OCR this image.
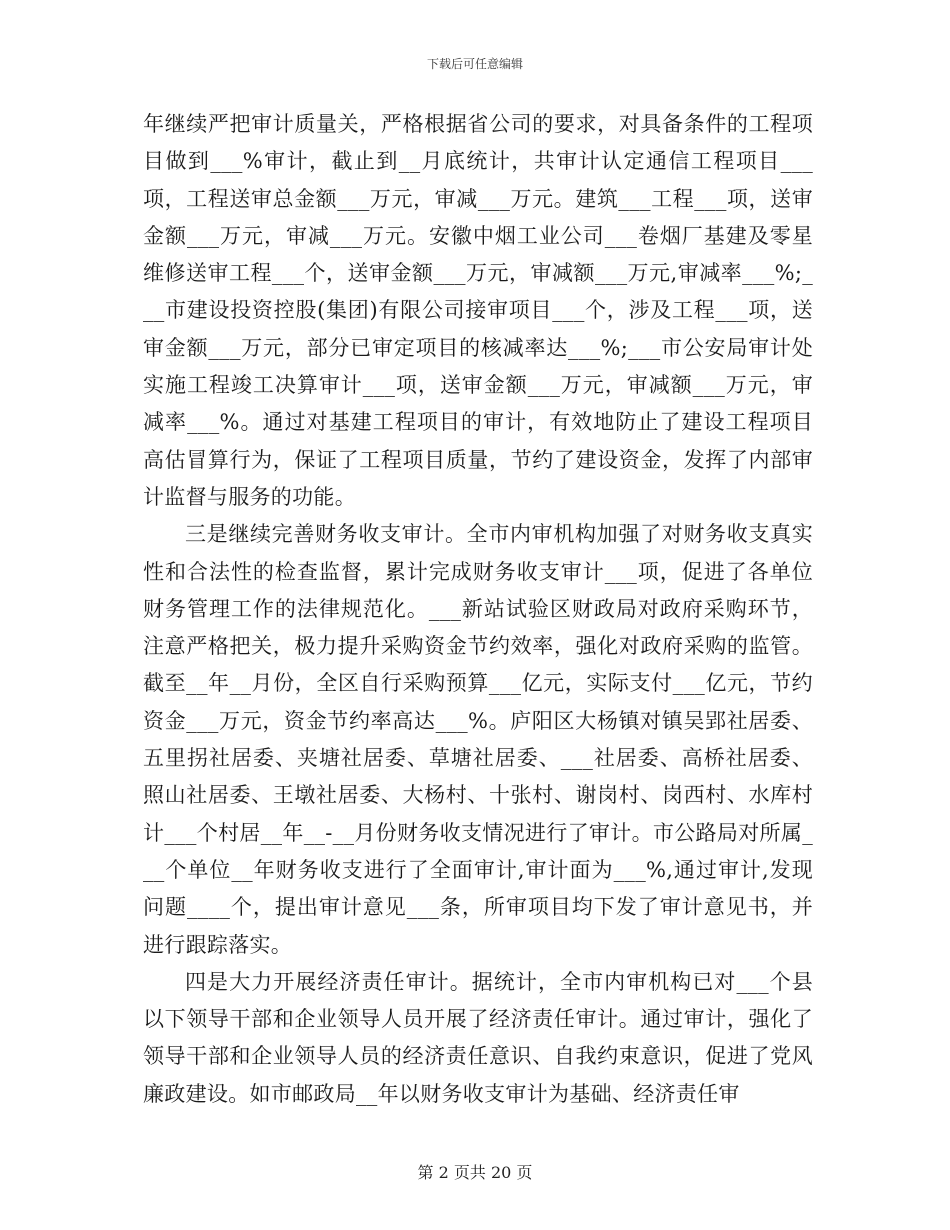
下载后可任意编辑

年继续严把审计质量关，严格根据省公司的要求，对具备条件的工程项目做到___%审计，截止到__月底统计，共审计认定通信工程项目___项，工程送审总金额___万元，审减___万元。建筑___工程___项，送审金额___万元，审减___万元。安徽中烟工业公司___卷烟厂基建及零星维修送审工程___个，送审金额___万元，审减额___万元,审减率___%;___市建设投资控股(集团)有限公司接审项目___个，涉及工程___项，送审金额___万元，部分已审定项目的核减率达___%;___市公安局审计处实施工程竣工决算审计___项，送审金额___万元，审减额___万元，审减率___%。通过对基建工程项目的审计，有效地防止了建设工程项目高估冒算行为，保证了工程项目质量，节约了建设资金，发挥了内部审计监督与服务的功能。

三是继续完善财务收支审计。全市内审机构加强了对财务收支真实性和合法性的检查监督，累计完成财务收支审计___项，促进了各单位财务管理工作的法律规范化。___新站试验区财政局对政府采购环节，注意严格把关，极力提升采购资金节约效率，强化对政府采购的监管。截至__年__月份，全区自行采购预算___亿元，实际支付___亿元，节约资金___万元，资金节约率高达___%。庐阳区大杨镇对镇吴郢社居委、五里拐社居委、夹塘社居委、草塘社居委、___社居委、高桥社居委、照山社居委、王墩社居委、大杨村、十张村、谢岗村、岗西村、水库村计___个村居__年__-__月份财务收支情况进行了审计。市公路局对所属___个单位__年财务收支进行了全面审计,审计面为___%,通过审计,发现问题____个，提出审计意见___条，所审项目均下发了审计意见书，并进行跟踪落实。

四是大力开展经济责任审计。据统计，全市内审机构已对___个县以下领导干部和企业领导人员开展了经济责任审计。通过审计，强化了领导干部和企业领导人员的经济责任意识、自我约束意识，促进了党风廉政建设。如市邮政局__年以财务收支审计为基础、经济责任审

第 2 页共 20 页
